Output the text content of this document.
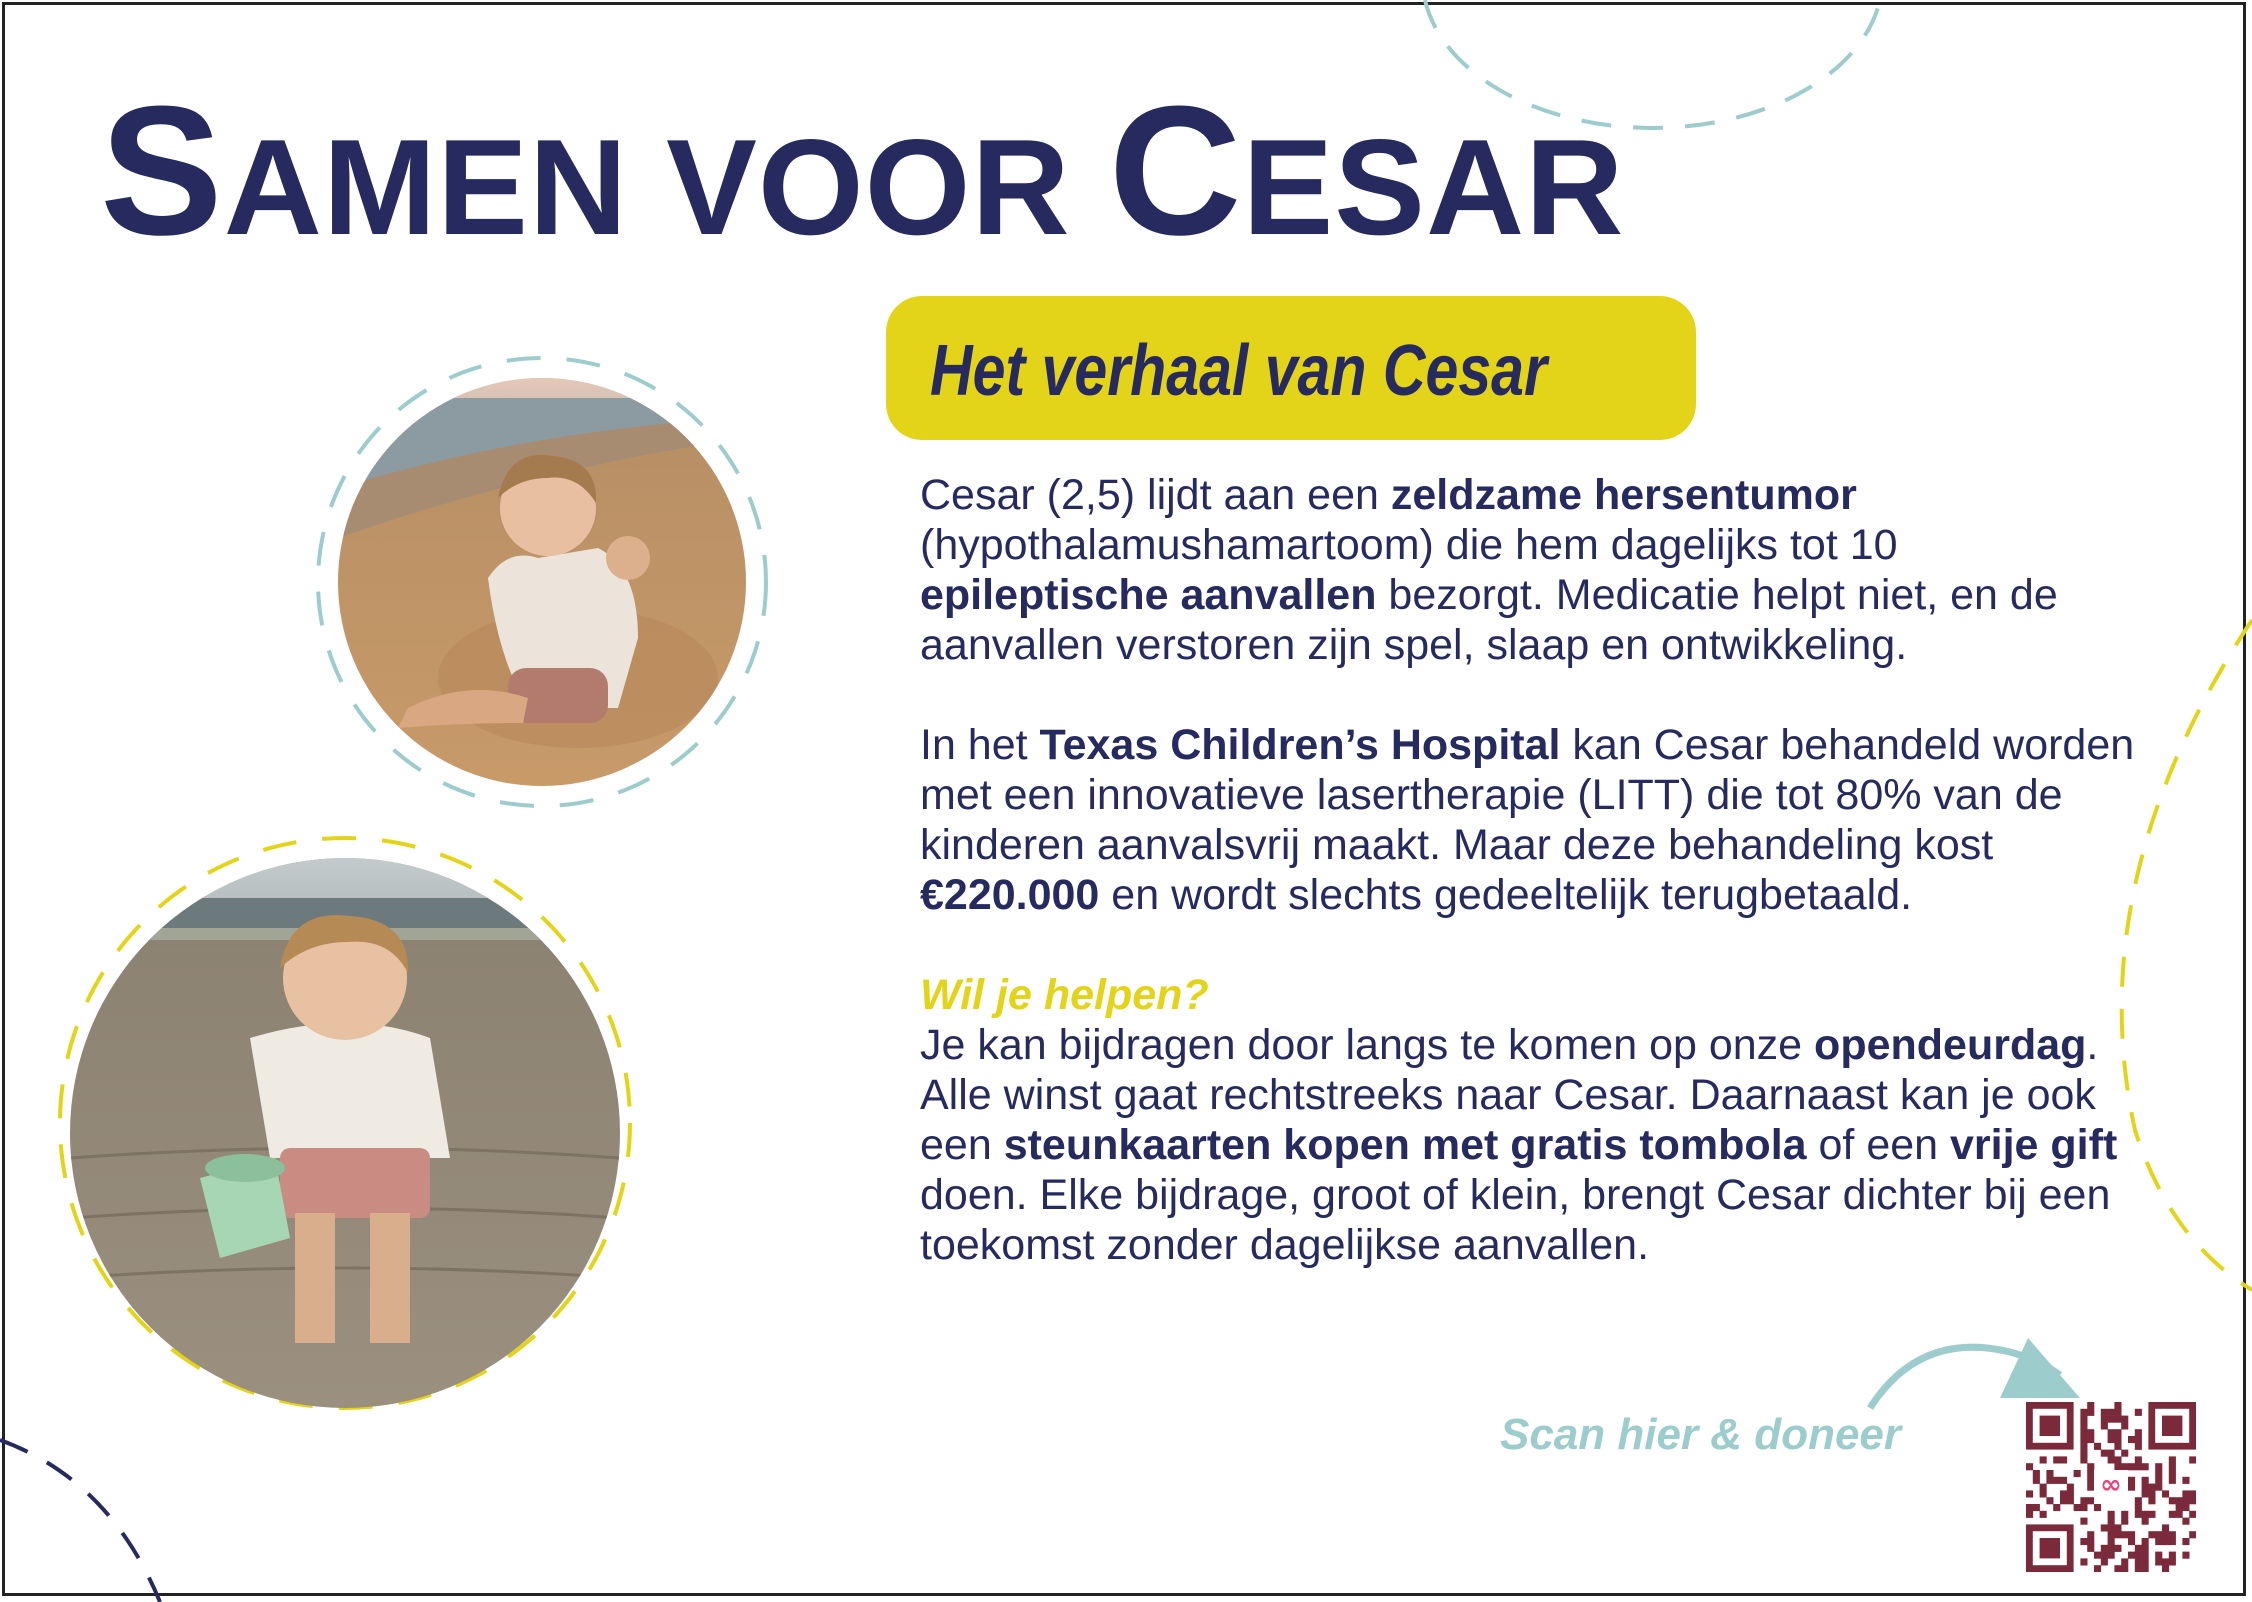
SAMEN VOOR CESAR
Het verhaal van Cesar

Cesar (2,5) lijdt aan een zeldzame hersentumor (hypothalamushamartoom) die hem dagelijks tot 10 epileptische aanvallen bezorgt. Medicatie helpt niet, en de aanvallen verstoren zijn spel, slaap en ontwikkeling.

In het Texas Children’s Hospital kan Cesar behandeld worden met een innovatieve lasertherapie (LITT) die tot 80% van de kinderen aanvalsvrij maakt. Maar deze behandeling kost €220.000 en wordt slechts gedeeltelijk terugbetaald.

Wil je helpen?
Je kan bijdragen door langs te komen op onze opendeurdag. Alle winst gaat rechtstreeks naar Cesar. Daarnaast kan je ook een steunkaarten kopen met gratis tombola of een vrije gift doen. Elke bijdrage, groot of klein, brengt Cesar dichter bij een toekomst zonder dagelijkse aanvallen.

Scan hier & doneer
∞
